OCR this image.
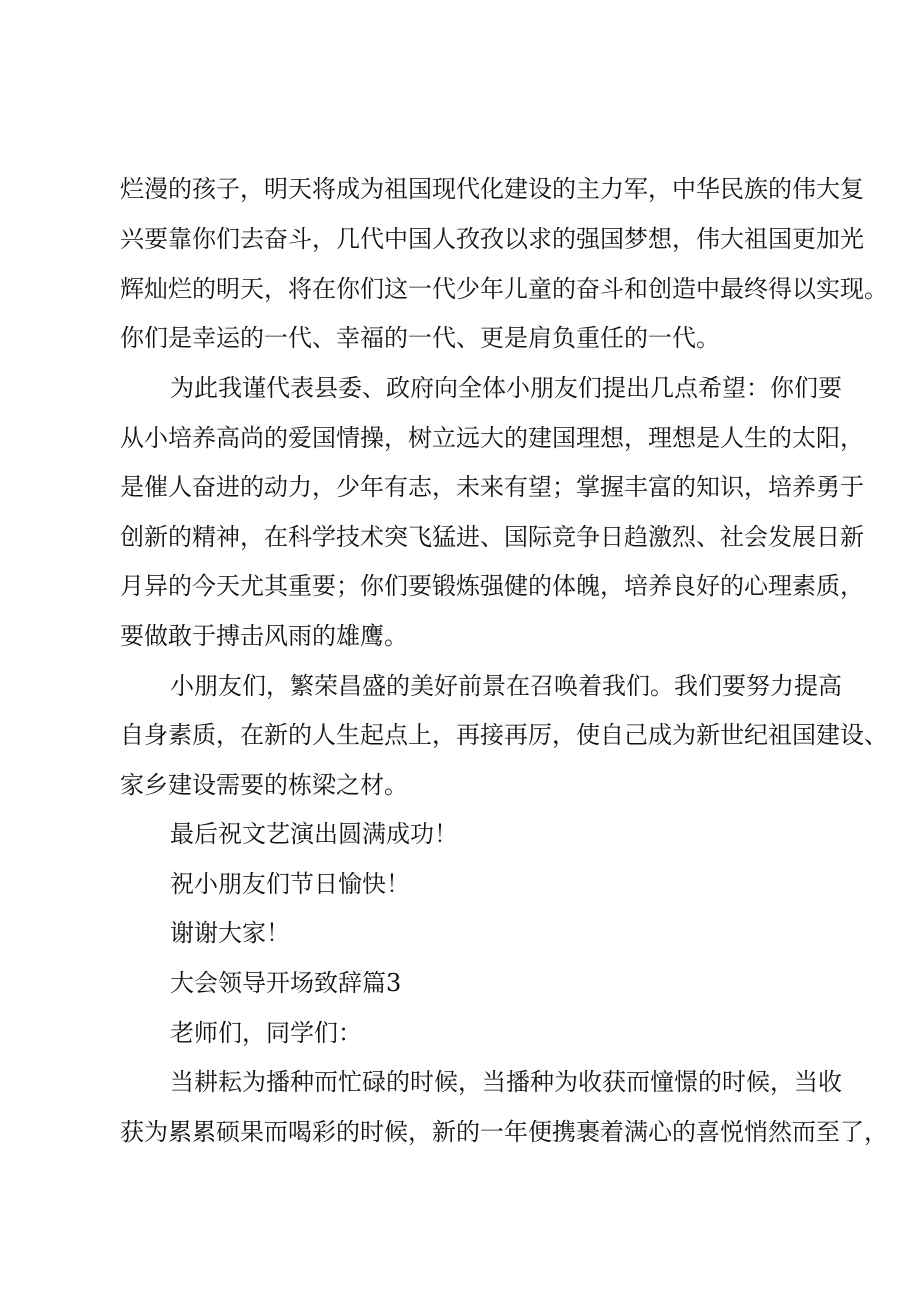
烂漫的孩子，明天将成为祖国现代化建设的主力军，中华民族的伟大复
兴要靠你们去奋斗，几代中国人孜孜以求的强国梦想，伟大祖国更加光
辉灿烂的明天，将在你们这一代少年儿童的奋斗和创造中最终得以实现。
你们是幸运的一代、幸福的一代、更是肩负重任的一代。
为此我谨代表县委、政府向全体小朋友们提出几点希望：你们要
从小培养高尚的爱国情操，树立远大的建国理想，理想是人生的太阳，
是催人奋进的动力，少年有志，未来有望；掌握丰富的知识，培养勇于
创新的精神，在科学技术突飞猛进、国际竞争日趋激烈、社会发展日新
月异的今天尤其重要；你们要锻炼强健的体魄，培养良好的心理素质，
要做敢于搏击风雨的雄鹰。
小朋友们，繁荣昌盛的美好前景在召唤着我们。我们要努力提高
自身素质，在新的人生起点上，再接再厉，使自己成为新世纪祖国建设、
家乡建设需要的栋梁之材。
最后祝文艺演出圆满成功！
祝小朋友们节日愉快！
谢谢大家！
大会领导开场致辞篇3
老师们，同学们：
当耕耘为播种而忙碌的时候，当播种为收获而憧憬的时候，当收
获为累累硕果而喝彩的时候，新的一年便携裹着满心的喜悦悄然而至了，
